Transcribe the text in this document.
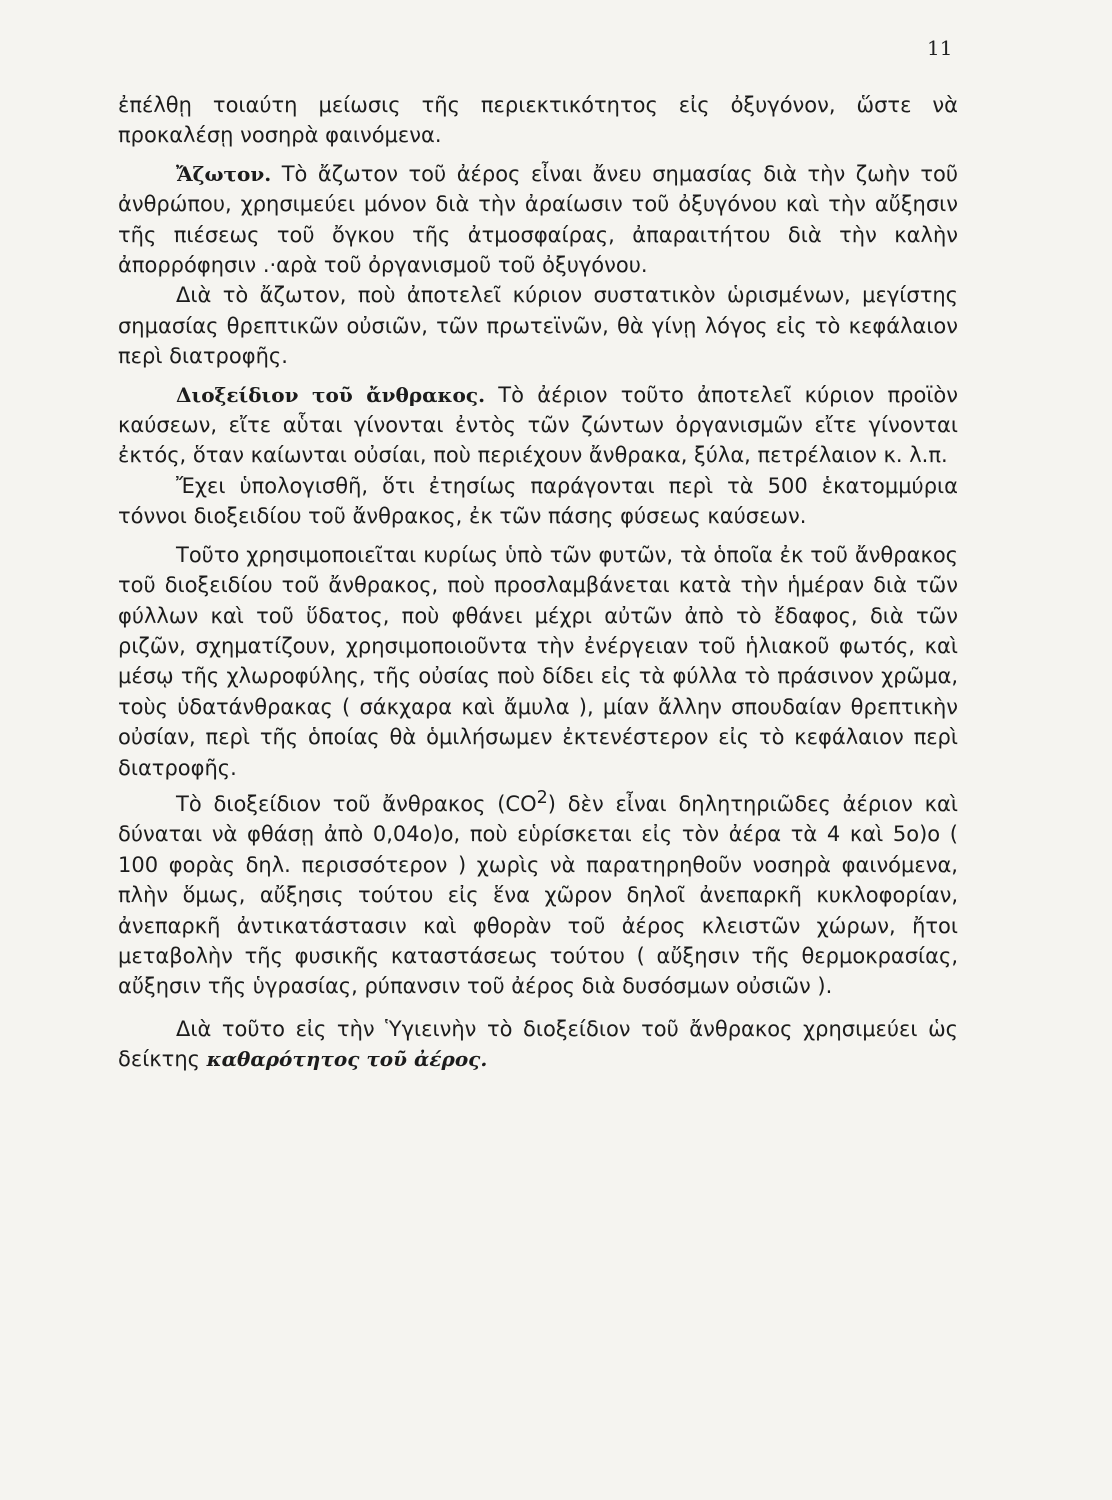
11

ἐπέλθῃ τοιαύτη μείωσις τῆς περιεκτικότητος εἰς ὀξυγόνον, ὥστε νὰ προκαλέσῃ νοσηρὰ φαινόμενα.

Ἄζωτον. Τὸ ἄζωτον τοῦ ἀέρος εἶναι ἄνευ σημασίας διὰ τὴν ζωὴν τοῦ ἀνθρώπου, χρησιμεύει μόνον διὰ τὴν ἀραίωσιν τοῦ ὀξυγόνου καὶ τὴν αὔξησιν τῆς πιέσεως τοῦ ὄγκου τῆς ἀτμοσφαίρας, ἀπαραιτήτου διὰ τὴν καλὴν ἀπορρόφησιν .·αρὰ τοῦ ὀργανισμοῦ τοῦ ὀξυγόνου.

Διὰ τὸ ἄζωτον, ποὺ ἀποτελεῖ κύριον συστατικὸν ὡρισμένων, μεγίστης σημασίας θρεπτικῶν οὐσιῶν, τῶν πρωτεϊνῶν, θὰ γίνῃ λόγος εἰς τὸ κεφάλαιον περὶ διατροφῆς.

Διοξείδιον τοῦ ἄνθρακος. Τὸ ἀέριον τοῦτο ἀποτελεῖ κύριον προϊὸν καύσεων, εἴτε αὗται γίνονται ἐντὸς τῶν ζώντων ὀργανισμῶν εἴτε γίνονται ἐκτός, ὅταν καίωνται οὐσίαι, ποὺ περιέχουν ἄνθρακα, ξύλα, πετρέλαιον κ. λ.π.

Ἔχει ὑπολογισθῆ, ὅτι ἐτησίως παράγονται περὶ τὰ 500 ἑκατομμύρια τόννοι διοξειδίου τοῦ ἄνθρακος, ἐκ τῶν πάσης φύσεως καύσεων.

Τοῦτο χρησιμοποιεῖται κυρίως ὑπὸ τῶν φυτῶν, τὰ ὁποῖα ἐκ τοῦ ἄνθρακος τοῦ διοξειδίου τοῦ ἄνθρακος, ποὺ προσλαμβάνεται κατὰ τὴν ἡμέραν διὰ τῶν φύλλων καὶ τοῦ ὕδατος, ποὺ φθάνει μέχρι αὐτῶν ἀπὸ τὸ ἔδαφος, διὰ τῶν ριζῶν, σχηματίζουν, χρησιμοποιοῦντα τὴν ἐνέργειαν τοῦ ἡλιακοῦ φωτός, καὶ μέσῳ τῆς χλωροφύλης, τῆς οὐσίας ποὺ δίδει εἰς τὰ φύλλα τὸ πράσινον χρῶμα, τοὺς ὑδατάνθρακας ( σάκχαρα καὶ ἄμυλα ), μίαν ἄλλην σπουδαίαν θρεπτικὴν οὐσίαν, περὶ τῆς ὁποίας θὰ ὁμιλήσωμεν ἐκτενέστερον εἰς τὸ κεφάλαιον περὶ διατροφῆς.

Τὸ διοξείδιον τοῦ ἄνθρακος $(CO^2)$ δὲν εἶναι δηλητηριῶδες ἀέριον καὶ δύναται νὰ φθάσῃ ἀπὸ 0,04ο)ο, ποὺ εὑρίσκεται εἰς τὸν ἀέρα τὰ 4 καὶ 5ο)ο ( 100 φορὰς δηλ. περισσότερον ) χωρὶς νὰ παρατηρηθοῦν νοσηρὰ φαινόμενα, πλὴν ὅμως, αὔξησις τούτου εἰς ἕνα χῶρον δηλοῖ ἀνεπαρκῆ κυκλοφορίαν, ἀνεπαρκῆ ἀντικατάστασιν καὶ φθορὰν τοῦ ἀέρος κλειστῶν χώρων, ἤτοι μεταβολὴν τῆς φυσικῆς καταστάσεως τούτου ( αὔξησιν τῆς θερμοκρασίας, αὔξησιν τῆς ὑγρασίας, ρύπανσιν τοῦ ἀέρος διὰ δυσόσμων οὐσιῶν ).

Διὰ τοῦτο εἰς τὴν Ὑγιεινὴν τὸ διοξείδιον τοῦ ἄνθρακος χρησιμεύει ὡς δείκτης καθαρότητος τοῦ ἀέρος.
